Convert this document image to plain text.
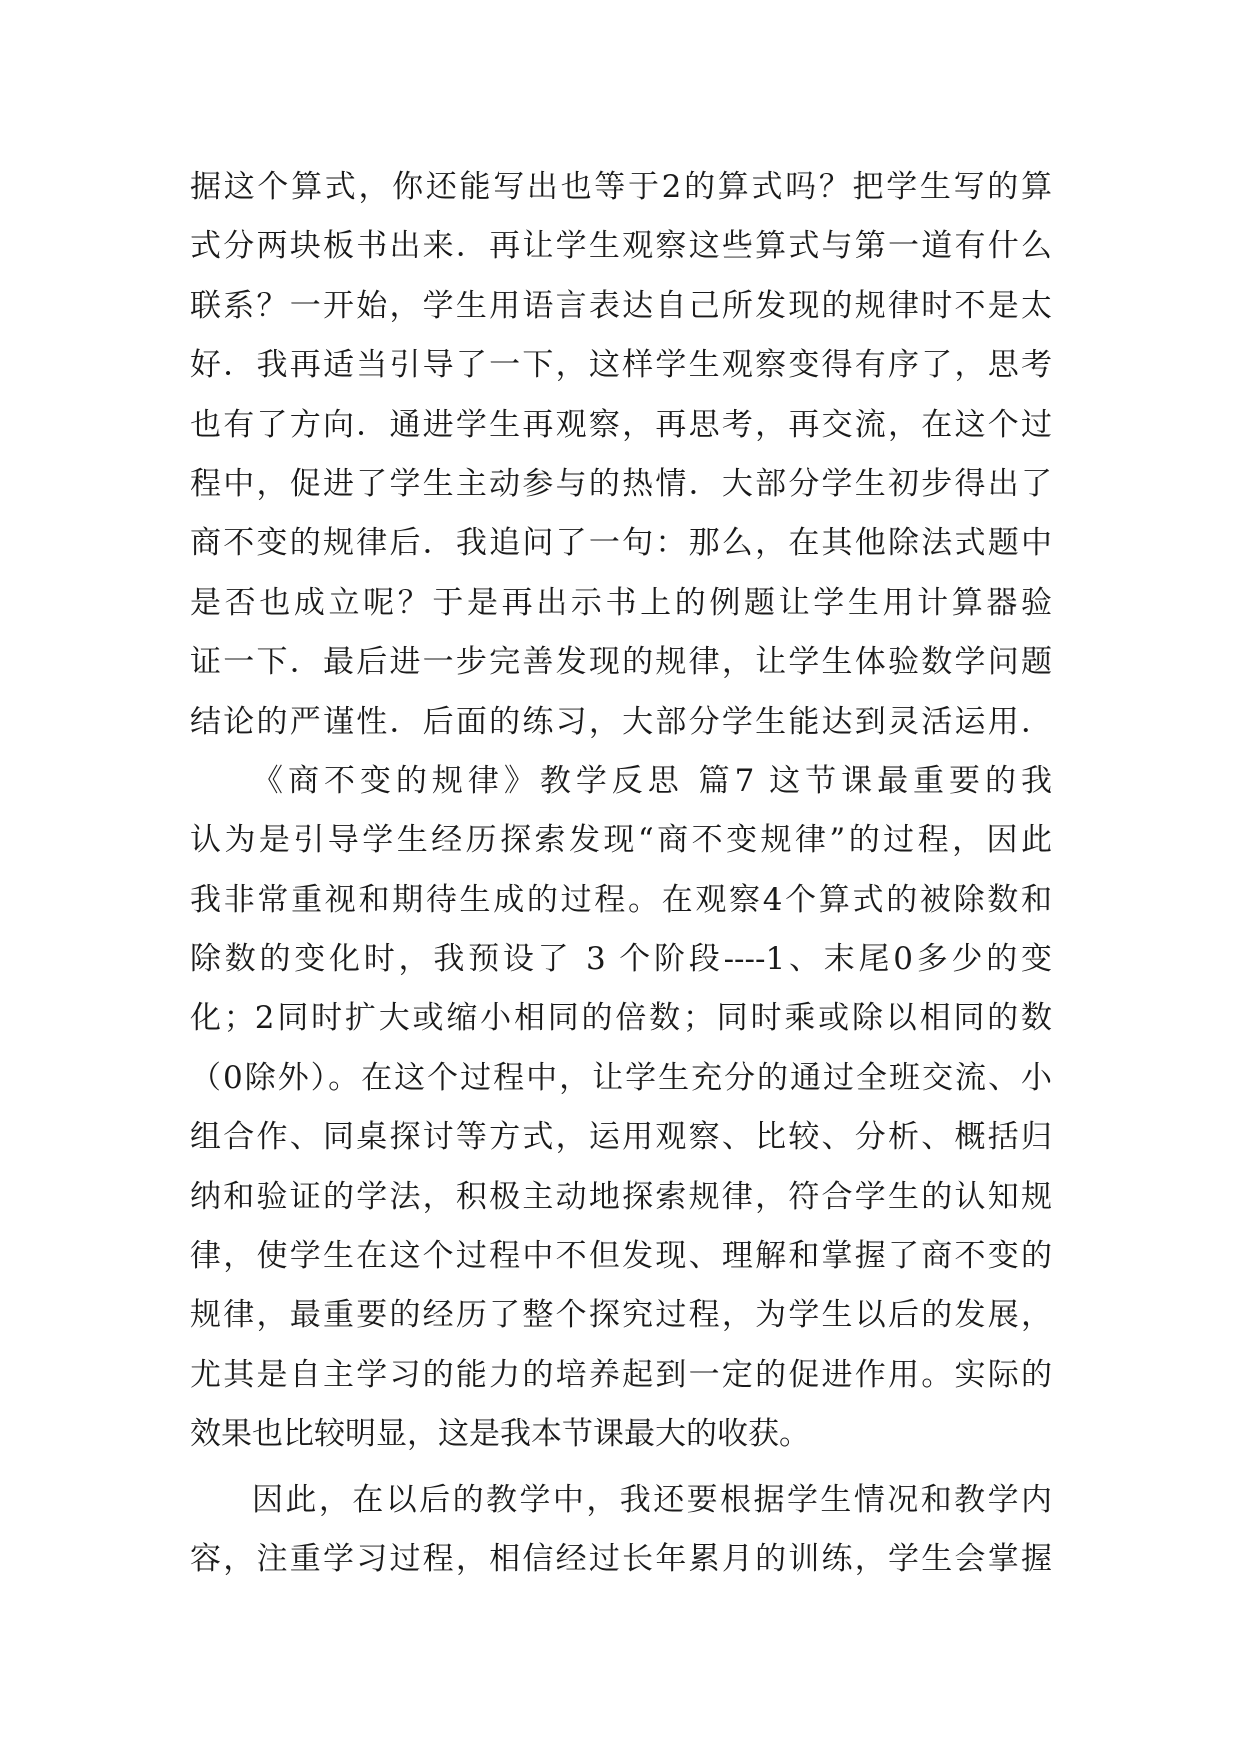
据这个算式，你还能写出也等于2的算式吗？把学生写的算
式分两块板书出来．再让学生观察这些算式与第一道有什么
联系？一开始，学生用语言表达自己所发现的规律时不是太
好．我再适当引导了一下，这样学生观察变得有序了，思考
也有了方向．通进学生再观察，再思考，再交流，在这个过
程中，促进了学生主动参与的热情．大部分学生初步得出了
商不变的规律后．我追问了一句：那么，在其他除法式题中
是否也成立呢？于是再出示书上的例题让学生用计算器验
证一下．最后进一步完善发现的规律，让学生体验数学问题
结论的严谨性．后面的练习，大部分学生能达到灵活运用．
《商不变的规律》教学反思 篇7 这节课最重要的我
认为是引导学生经历探索发现“商不变规律”的过程，因此
我非常重视和期待生成的过程。在观察4个算式的被除数和
除数的变化时，我预设了 3 个阶段----1、末尾0多少的变
化；2同时扩大或缩小相同的倍数；同时乘或除以相同的数
（0除外）。在这个过程中，让学生充分的通过全班交流、小
组合作、同桌探讨等方式，运用观察、比较、分析、概括归
纳和验证的学法，积极主动地探索规律，符合学生的认知规
律，使学生在这个过程中不但发现、理解和掌握了商不变的
规律，最重要的经历了整个探究过程，为学生以后的发展，
尤其是自主学习的能力的培养起到一定的促进作用。实际的
效果也比较明显，这是我本节课最大的收获。
因此，在以后的教学中，我还要根据学生情况和教学内
容，注重学习过程，相信经过长年累月的训练，学生会掌握
